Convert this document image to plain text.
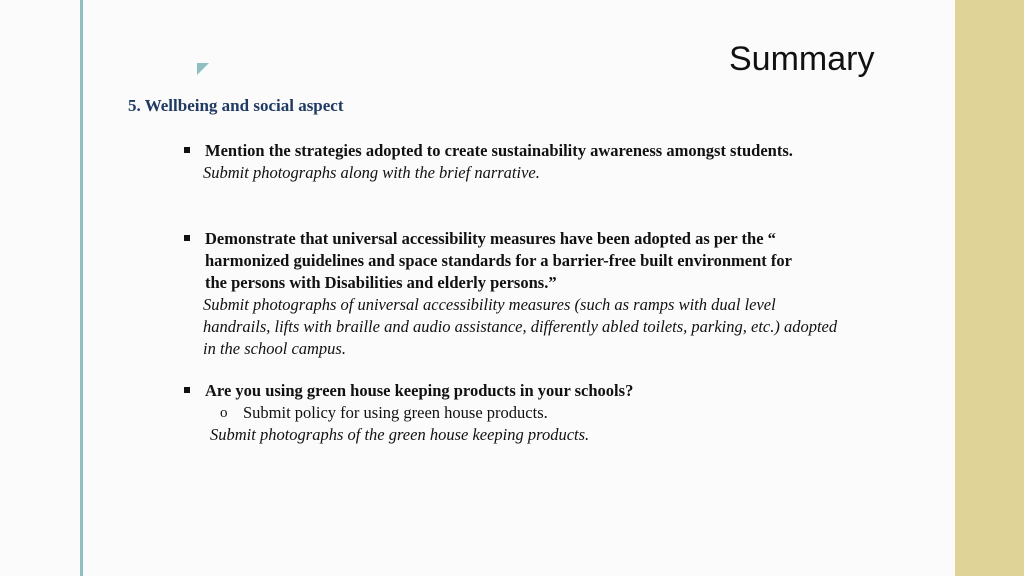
Summary
5. Wellbeing and social aspect
Mention the strategies adopted to create sustainability awareness amongst students.
Submit photographs along with the brief narrative.
Demonstrate that universal accessibility measures have been adopted as per the “
harmonized guidelines and space standards for a barrier-free built environment for
the persons with Disabilities and elderly persons.”
Submit photographs of universal accessibility measures (such as ramps with dual level
handrails, lifts with braille and audio assistance, differently abled toilets, parking, etc.) adopted
in the school campus.
Are you using green house keeping products in your schools?
o Submit policy for using green house products.
Submit photographs of the green house keeping products.
